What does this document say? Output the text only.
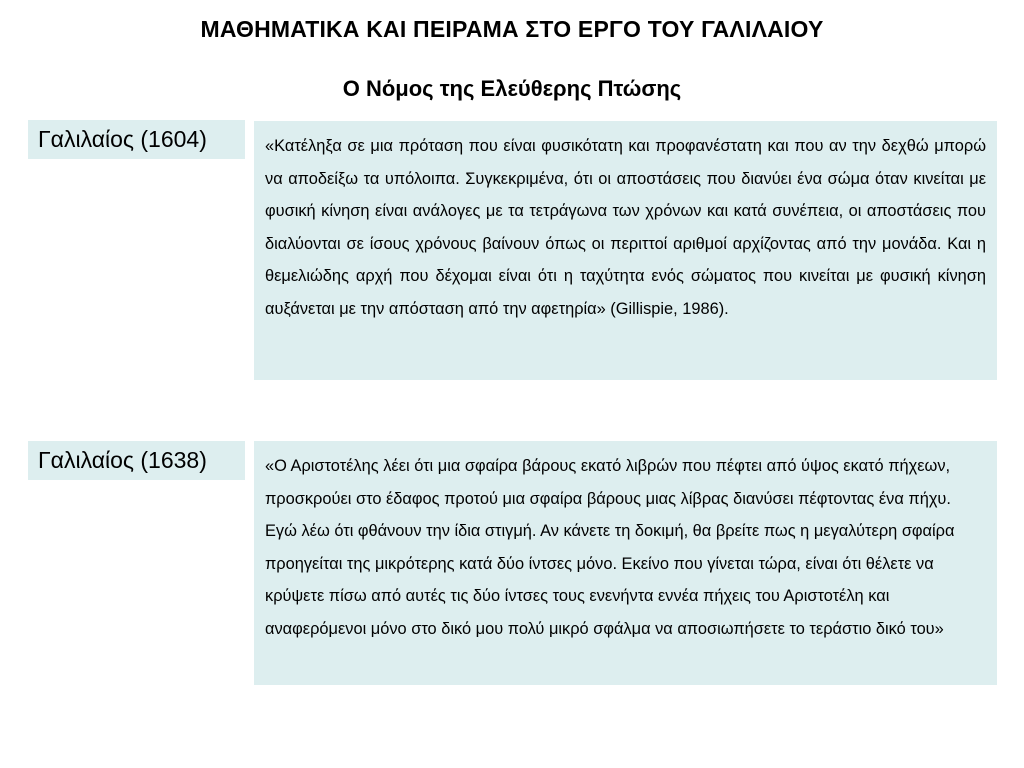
ΜΑΘΗΜΑΤΙΚΑ ΚΑΙ ΠΕΙΡΑΜΑ ΣΤΟ ΕΡΓΟ ΤΟΥ ΓΑΛΙΛΑΙΟΥ
Ο Νόμος της Ελεύθερης Πτώσης
Γαλιλαίος (1604)	«Κατέληξα σε μια πρόταση που είναι φυσικότατη και προφανέστατη και που αν την δεχθώ μπορώ να αποδείξω τα υπόλοιπα. Συγκεκριμένα, ότι οι αποστάσεις που διανύει ένα σώμα όταν κινείται με φυσική κίνηση είναι ανάλογες με τα τετράγωνα των χρόνων και κατά συνέπεια, οι αποστάσεις που διαλύονται σε ίσους χρόνους βαίνουν όπως οι περιττοί αριθμοί αρχίζοντας από την μονάδα. Και η θεμελιώδης αρχή που δέχομαι είναι ότι η ταχύτητα ενός σώματος που κινείται με φυσική κίνηση αυξάνεται με την απόσταση από την αφετηρία» (Gillispie, 1986).
Γαλιλαίος (1638)	«Ο Αριστοτέλης λέει ότι μια σφαίρα βάρους εκατό λιβρών που πέφτει από ύψος εκατό πήχεων, προσκρούει στο έδαφος προτού μια σφαίρα βάρους μιας λίβρας διανύσει πέφτοντας ένα πήχυ. Εγώ λέω ότι φθάνουν την ίδια στιγμή. Αν κάνετε τη δοκιμή, θα βρείτε πως η μεγαλύτερη σφαίρα προηγείται της μικρότερης κατά δύο ίντσες μόνο. Εκείνο που γίνεται τώρα, είναι ότι θέλετε να κρύψετε πίσω από αυτές τις δύο ίντσες τους ενενήντα εννέα πήχεις του Αριστοτέλη και αναφερόμενοι μόνο στο δικό μου πολύ μικρό σφάλμα να αποσιωπήσετε το τεράστιο δικό του»
